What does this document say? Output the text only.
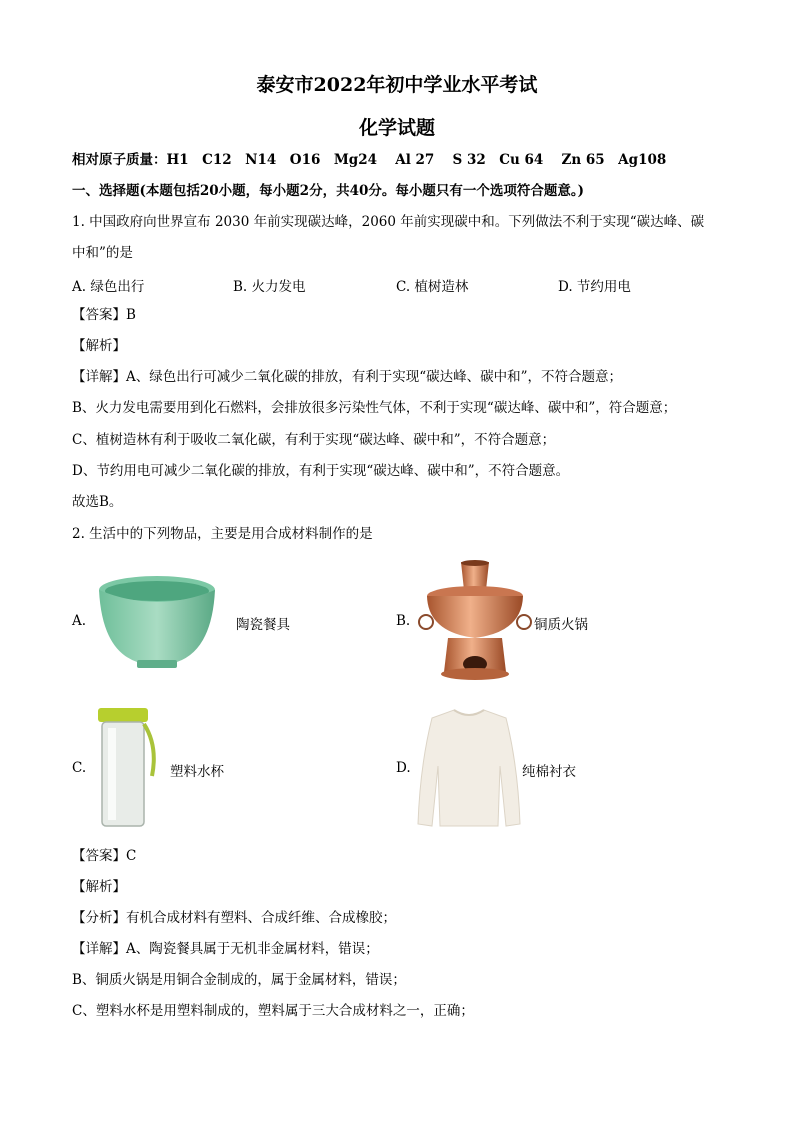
泰安市2022年初中学业水平考试
化学试题
相对原子质量：H1　C12　N14　O16　Mg24　 Al 27　 S 32　Cu 64　 Zn 65　Ag108
一、选择题(本题包括20小题，每小题2分，共40分。每小题只有一个选项符合题意。)
1. 中国政府向世界宣布 2030 年前实现碳达峰，2060 年前实现碳中和。下列做法不利于实现“碳达峰、碳
中和”的是
A. 绿色出行	B. 火力发电	C. 植树造林	D. 节约用电
【答案】B
【解析】
【详解】A、绿色出行可减少二氧化碳的排放，有利于实现“碳达峰、碳中和”，不符合题意；
B、火力发电需要用到化石燃料，会排放很多污染性气体，不利于实现“碳达峰、碳中和”，符合题意；
C、植树造林有利于吸收二氧化碳，有利于实现“碳达峰、碳中和”，不符合题意；
D、节约用电可减少二氧化碳的排放，有利于实现“碳达峰、碳中和”，不符合题意。
故选B。
2. 生活中的下列物品，主要是用合成材料制作的是
A.	陶瓷餐具	B.	铜质火锅
C.	塑料水杯	D.	纯棉衬衣
【答案】C
【解析】
【分析】有机合成材料有塑料、合成纤维、合成橡胶；
【详解】A、陶瓷餐具属于无机非金属材料，错误；
B、铜质火锅是用铜合金制成的，属于金属材料，错误；
C、塑料水杯是用塑料制成的，塑料属于三大合成材料之一，正确；
